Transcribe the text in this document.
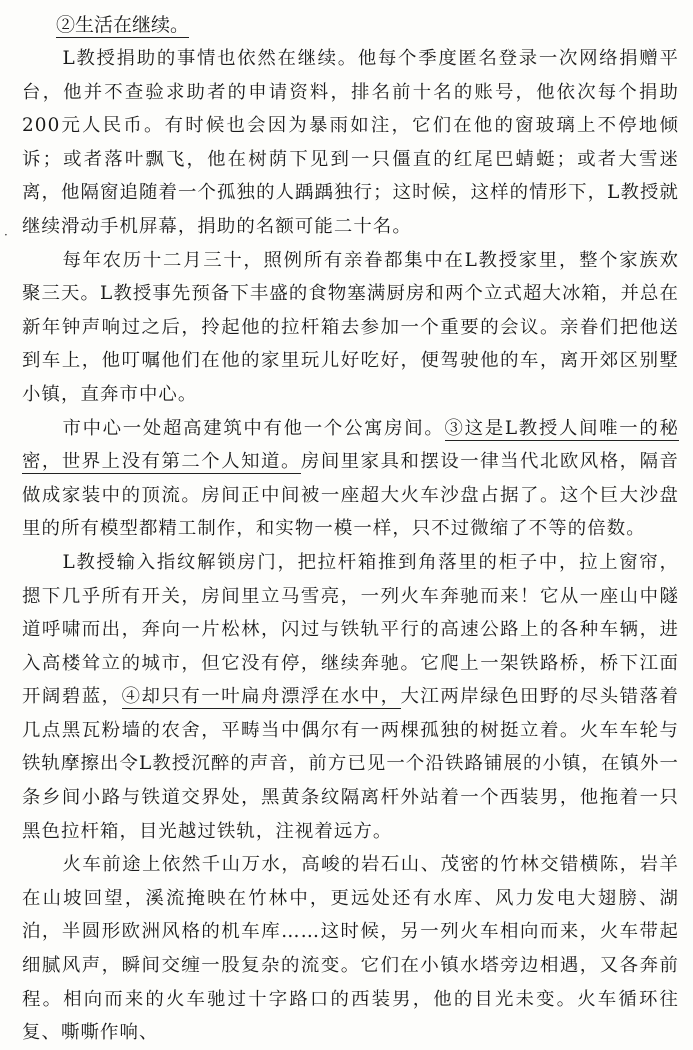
·
②生活在继续。

L教授捐助的事情也依然在继续。他每个季度匿名登录一次网络捐赠平台，他并不查验求助者的申请资料，排名前十名的账号，他依次每个捐助200元人民币。有时候也会因为暴雨如注，它们在他的窗玻璃上不停地倾诉；或者落叶飘飞，他在树荫下见到一只僵直的红尾巴蜻蜓；或者大雪迷离，他隔窗追随着一个孤独的人踽踽独行；这时候，这样的情形下，L教授就继续滑动手机屏幕，捐助的名额可能二十名。

每年农历十二月三十，照例所有亲眷都集中在L教授家里，整个家族欢聚三天。L教授事先预备下丰盛的食物塞满厨房和两个立式超大冰箱，并总在新年钟声响过之后，拎起他的拉杆箱去参加一个重要的会议。亲眷们把他送到车上，他叮嘱他们在他的家里玩儿好吃好，便驾驶他的车，离开郊区别墅小镇，直奔市中心。

市中心一处超高建筑中有他一个公寓房间。③这是L教授人间唯一的秘密，世界上没有第二个人知道。房间里家具和摆设一律当代北欧风格，隔音做成家装中的顶流。房间正中间被一座超大火车沙盘占据了。这个巨大沙盘里的所有模型都精工制作，和实物一模一样，只不过微缩了不等的倍数。

L教授输入指纹解锁房门，把拉杆箱推到角落里的柜子中，拉上窗帘，摁下几乎所有开关，房间里立马雪亮，一列火车奔驰而来！它从一座山中隧道呼啸而出，奔向一片松林，闪过与铁轨平行的高速公路上的各种车辆，进入高楼耸立的城市，但它没有停，继续奔驰。它爬上一架铁路桥，桥下江面开阔碧蓝，④却只有一叶扁舟漂浮在水中，大江两岸绿色田野的尽头错落着几点黑瓦粉墙的农舍，平畴当中偶尔有一两棵孤独的树挺立着。火车车轮与铁轨摩擦出令L教授沉醉的声音，前方已见一个沿铁路铺展的小镇，在镇外一条乡间小路与铁道交界处，黑黄条纹隔离杆外站着一个西装男，他拖着一只黑色拉杆箱，目光越过铁轨，注视着远方。

火车前途上依然千山万水，高峻的岩石山、茂密的竹林交错横陈，岩羊在山坡回望，溪流掩映在竹林中，更远处还有水库、风力发电大翅膀、湖泊，半圆形欧洲风格的机车库……这时候，另一列火车相向而来，火车带起细腻风声，瞬间交缠一股复杂的流变。它们在小镇水塔旁边相遇，又各奔前程。相向而来的火车驰过十字路口的西装男，他的目光未变。火车循环往复、嘶嘶作响、
